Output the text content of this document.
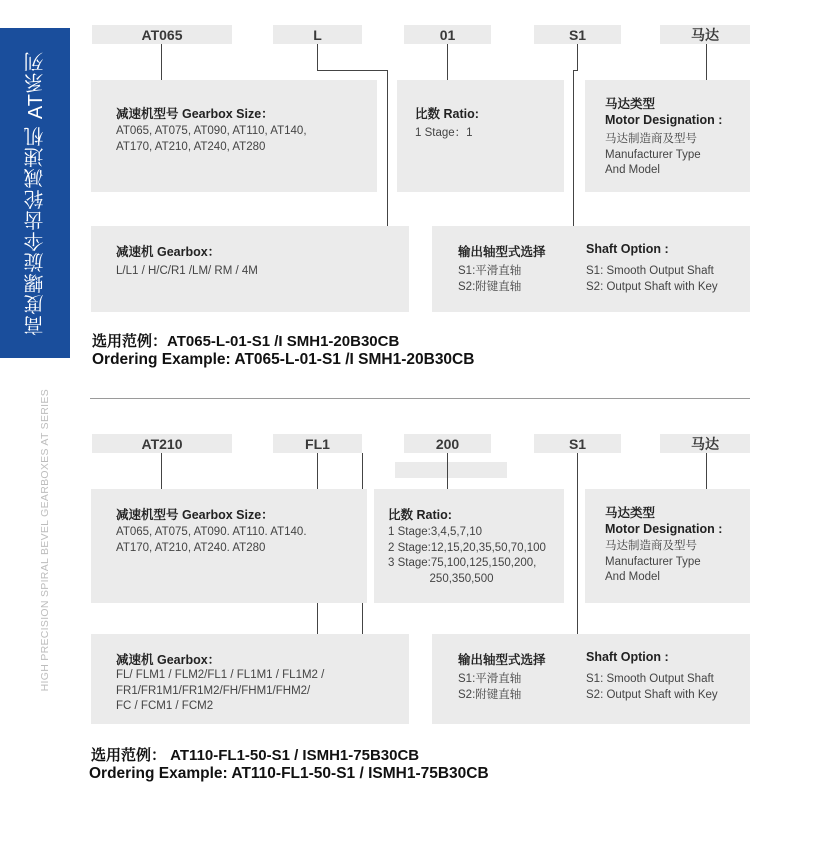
高度螺旋伞齿轮减速机 AT系列
HIGH PRECISION SPIRAL BEVEL GEARBOXES AT SERIES
AT065	L	01	S1	马达
减速机型号 Gearbox Size：
AT065, AT075, AT090, AT110, AT140,
AT170, AT210, AT240, AT280
比数 Ratio:
1 Stage：1
马达类型
Motor Designation :
马达制造商及型号
Manufacturer Type
And Model
减速机 Gearbox：
L/L1 / H/C/R1 /LM/ RM / 4M
输出轴型式选择	Shaft Option :
S1:平滑直轴
S2:附键直轴
S1: Smooth Output Shaft
S2: Output Shaft with Key
选用范例：AT065-L-01-S1 /I SMH1-20B30CB
Ordering Example: AT065-L-01-S1 /I SMH1-20B30CB
AT210	FL1	200	S1	马达
减速机型号 Gearbox Size：
AT065, AT075, AT090. AT110. AT140.
AT170, AT210, AT240. AT280
比数 Ratio:
1 Stage:3,4,5,7,10
2 Stage:12,15,20,35,50,70,100
3 Stage:75,100,125,150,200,
250,350,500
马达类型
Motor Designation :
马达制造商及型号
Manufacturer Type
And Model
减速机 Gearbox：
FL/ FLM1 / FLM2/FL1 / FL1M1 / FL1M2 /
FR1/FR1M1/FR1M2/FH/FHM1/FHM2/
FC / FCM1 / FCM2
输出轴型式选择	Shaft Option :
S1:平滑直轴
S2:附键直轴
S1: Smooth Output Shaft
S2: Output Shaft with Key
选用范例： AT110-FL1-50-S1 / ISMH1-75B30CB
Ordering Example: AT110-FL1-50-S1 / ISMH1-75B30CB
